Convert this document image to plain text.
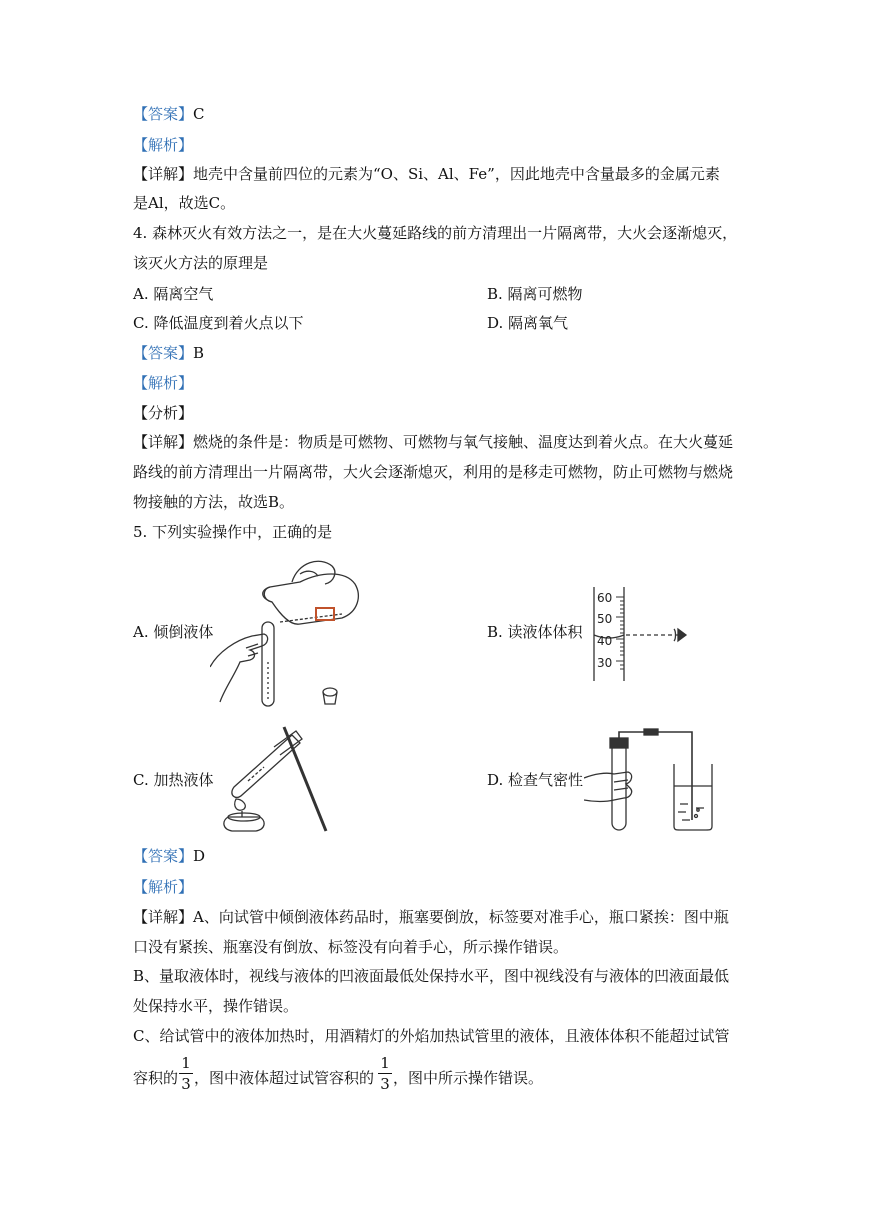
【答案】C
【解析】
【详解】地壳中含量前四位的元素为“O、Si、Al、Fe”，因此地壳中含量最多的金属元素
是Al，故选C。
4. 森林灭火有效方法之一，是在大火蔓延路线的前方清理出一片隔离带，大火会逐渐熄灭，
该灭火方法的原理是
A. 隔离空气	B. 隔离可燃物
C. 降低温度到着火点以下	D. 隔离氧气
【答案】B
【解析】
【分析】
【详解】燃烧的条件是：物质是可燃物、可燃物与氧气接触、温度达到着火点。在大火蔓延
路线的前方清理出一片隔离带，大火会逐渐熄灭，利用的是移走可燃物，防止可燃物与燃烧
物接触的方法，故选B。
5. 下列实验操作中，正确的是
A. 倾倒液体	B. 读液体体积
60
50
40
30
C. 加热液体	D. 检查气密性
【答案】D
【解析】
【详解】A、向试管中倾倒液体药品时，瓶塞要倒放，标签要对准手心，瓶口紧挨：图中瓶
口没有紧挨、瓶塞没有倒放、标签没有向着手心，所示操作错误。
B、量取液体时，视线与液体的凹液面最低处保持水平，图中视线没有与液体的凹液面最低
处保持水平，操作错误。
C、给试管中的液体加热时，用酒精灯的外焰加热试管里的液体，且液体体积不能超过试管
容积的
1
3 ，图中液体超过试管容积的
1
3 ，图中所示操作错误。
